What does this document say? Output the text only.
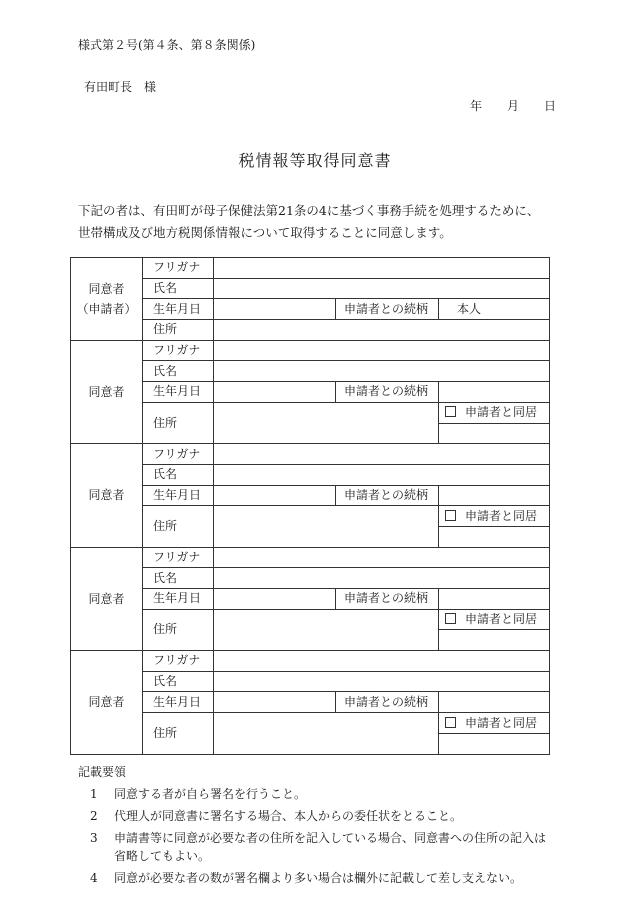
様式第２号(第４条、第８条関係)
有田町長　様
年 月 日
税情報等取得同意書
下記の者は、有田町が母子保健法第21条の4に基づく事務手続を処理するために、
世帯構成及び地方税関係情報について取得することに同意します。
同意者
（申請者）	フリガナ			
	氏名			
	生年月日		申請者との続柄	本人
	住所			
同意者	フリガナ			
	氏名			
	生年月日		申請者との続柄	
	住所			申請者と同居

同意者	フリガナ			
	氏名			
	生年月日		申請者との続柄	
	住所			申請者と同居

同意者	フリガナ			
	氏名			
	生年月日		申請者との続柄	
	住所			申請者と同居

同意者	フリガナ			
	氏名			
	生年月日		申請者との続柄	
	住所			申請者と同居

記載要領
1 同意する者が自ら署名を行うこと。
2 代理人が同意書に署名する場合、本人からの委任状をとること。
3 申請書等に同意が必要な者の住所を記入している場合、同意書への住所の記入は
省略してもよい。
4 同意が必要な者の数が署名欄より多い場合は欄外に記載して差し支えない。
